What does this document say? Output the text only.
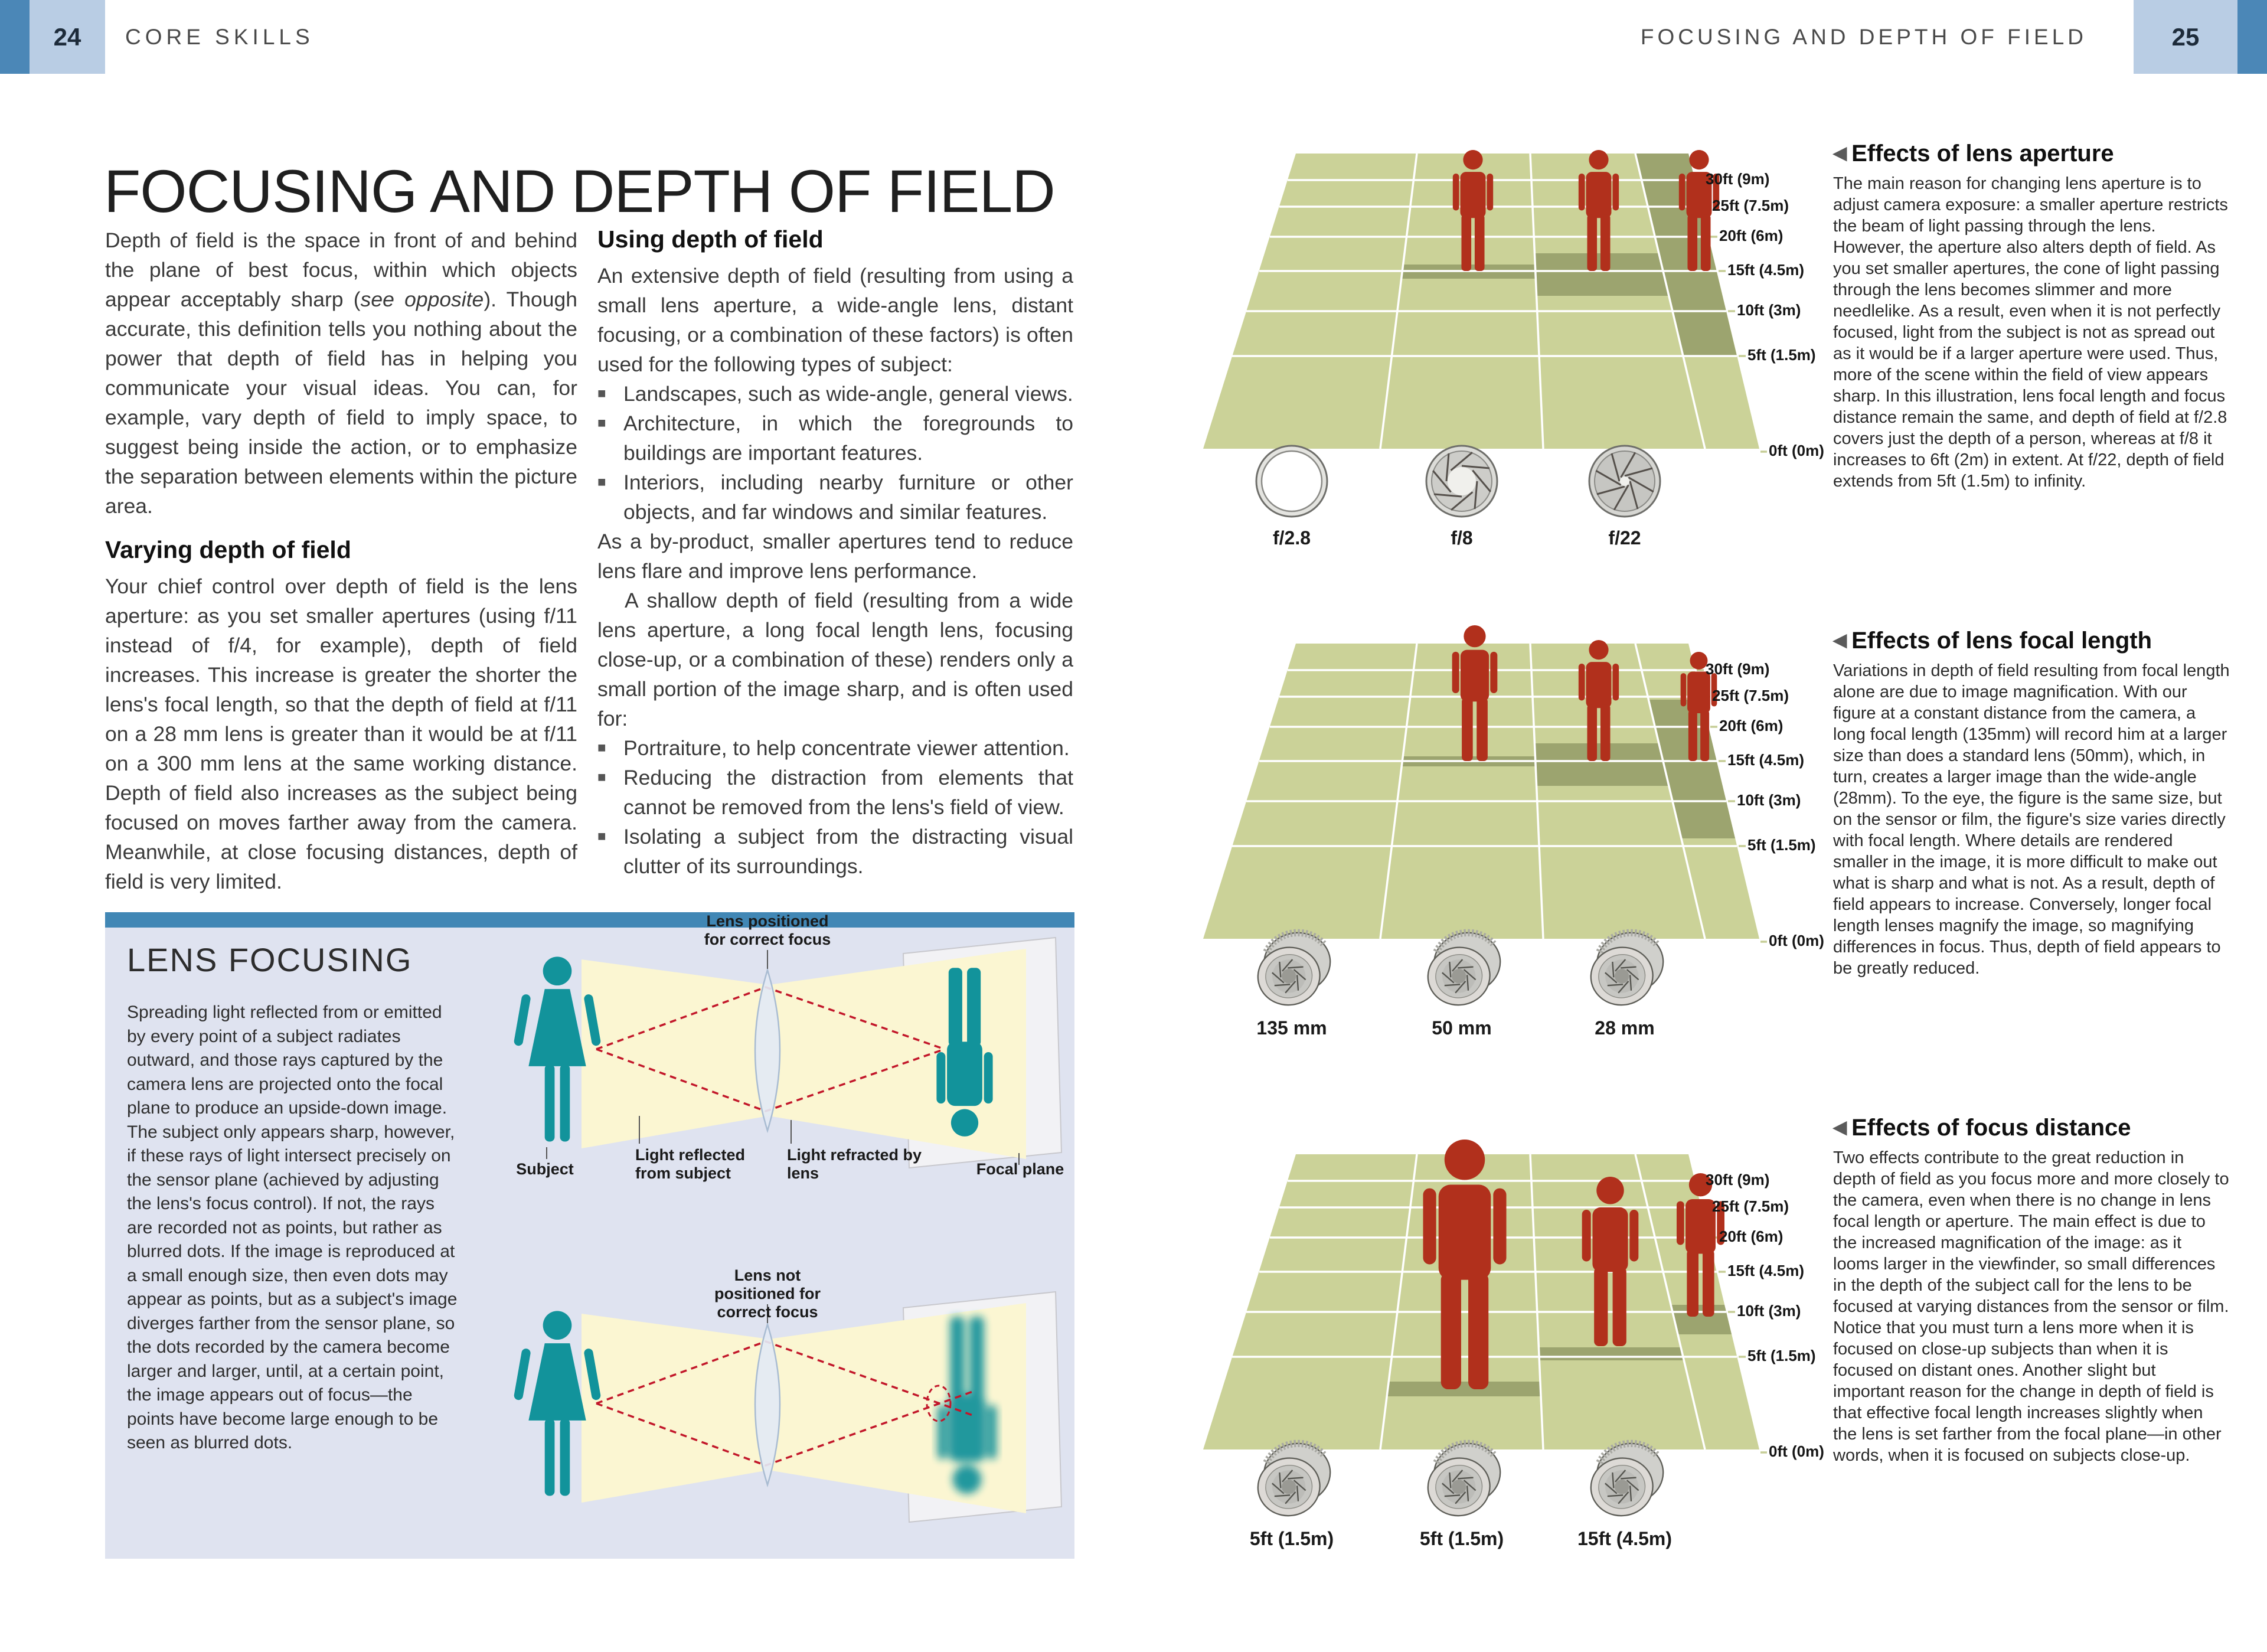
24 CORE SKILLS	FOCUSING AND DEPTH OF FIELD	25
FOCUSING AND DEPTH OF FIELD

Depth of field is the space in front of and behind the plane of best focus, within which objects appear acceptably sharp (see opposite). Though accurate, this definition tells you nothing about the power that depth of field has in helping you communicate your visual ideas. You can, for example, vary depth of field to imply space, to suggest being inside the action, or to emphasize the separation between elements within the picture area.

Varying depth of field

Your chief control over depth of field is the lens aperture: as you set smaller apertures (using f/11 instead of f/4, for example), depth of field increases. This increase is greater the shorter the lens's focal length, so that the depth of field at f/11 on a 28 mm lens is greater than it would be at f/11 on a 300 mm lens at the same working distance. Depth of field also increases as the subject being focused on moves farther away from the camera. Meanwhile, at close focusing distances, depth of field is very limited.

Using depth of field

An extensive depth of field (resulting from using a small lens aperture, a wide-angle lens, distant focusing, or a combination of these factors) is often used for the following types of subject:

■ Landscapes, such as wide-angle, general views.
■ Architecture, in which the foregrounds to buildings are important features.
■ Interiors, including nearby furniture or other objects, and far windows and similar features.

As a by-product, smaller apertures tend to reduce lens flare and improve lens performance.

A shallow depth of field (resulting from a wide lens aperture, a long focal length lens, focusing close-up, or a combination of these) renders only a small portion of the image sharp, and is often used for:

■ Portraiture, to help concentrate viewer attention.
■ Reducing the distraction from elements that cannot be removed from the lens's field of view.
■ Isolating a subject from the distracting visual clutter of its surroundings.
LENS FOCUSING
Spreading light reflected from or emitted by every point of a subject radiates outward, and those rays captured by the camera lens are projected onto the focal plane to produce an upside-down image. The subject only appears sharp, however, if these rays of light intersect precisely on the sensor plane (achieved by adjusting the lens's focus control). If not, the rays are recorded not as points, but rather as blurred dots. If the image is reproduced at a small enough size, then even dots may appear as points, but as a subject's image diverges farther from the sensor plane, so the dots recorded by the camera become larger and larger, until, at a certain point, the image appears out of focus—the points have become large enough to be seen as blurred dots.
Lens positioned for correct focus
Lens not positioned for correct focus
Subject
Light reflected from subject
Light refracted by lens	Focal plane
30ft (9m)
25ft (7.5m)
20ft (6m)
15ft (4.5m)
10ft (3m)
5ft (1.5m)
0ft (0m)
f/2.8	f/8	f/22
30ft (9m)
25ft (7.5m)
20ft (6m)
15ft (4.5m)
10ft (3m)
5ft (1.5m)
0ft (0m)
135 mm	50 mm	28 mm
30ft (9m)
25ft (7.5m)
20ft (6m)
15ft (4.5m)
10ft (3m)
5ft (1.5m)
0ft (0m)
5ft (1.5m)	5ft (1.5m)	15ft (4.5m)
◀ Effects of lens aperture

The main reason for changing lens aperture is to adjust camera exposure: a smaller aperture restricts the beam of light passing through the lens. However, the aperture also alters depth of field. As you set smaller apertures, the cone of light passing through the lens becomes slimmer and more needlelike. As a result, even when it is not perfectly focused, light from the subject is not as spread out as it would be if a larger aperture were used. Thus, more of the scene within the field of view appears sharp. In this illustration, lens focal length and focus distance remain the same, and depth of field at f/2.8 covers just the depth of a person, whereas at f/8 it increases to 6ft (2m) in extent. At f/22, depth of field extends from 5ft (1.5m) to infinity.

◀ Effects of lens focal length

Variations in depth of field resulting from focal length alone are due to image magnification. With our figure at a constant distance from the camera, a long focal length (135mm) will record him at a larger size than does a standard lens (50mm), which, in turn, creates a larger image than the wide-angle (28mm). To the eye, the figure is the same size, but on the sensor or film, the figure's size varies directly with focal length. Where details are rendered smaller in the image, it is more difficult to make out what is sharp and what is not. As a result, depth of field appears to increase. Conversely, longer focal length lenses magnify the image, so magnifying differences in focus. Thus, depth of field appears to be greatly reduced.

◀ Effects of focus distance

Two effects contribute to the great reduction in depth of field as you focus more and more closely to the camera, even when there is no change in lens focal length or aperture. The main effect is due to the increased magnification of the image: as it looms larger in the viewfinder, so small differences in the depth of the subject call for the lens to be focused at varying distances from the sensor or film. Notice that you must turn a lens more when it is focused on close-up subjects than when it is focused on distant ones. Another slight but important reason for the change in depth of field is that effective focal length increases slightly when the lens is set farther from the focal plane—in other words, when it is focused on subjects close-up.
